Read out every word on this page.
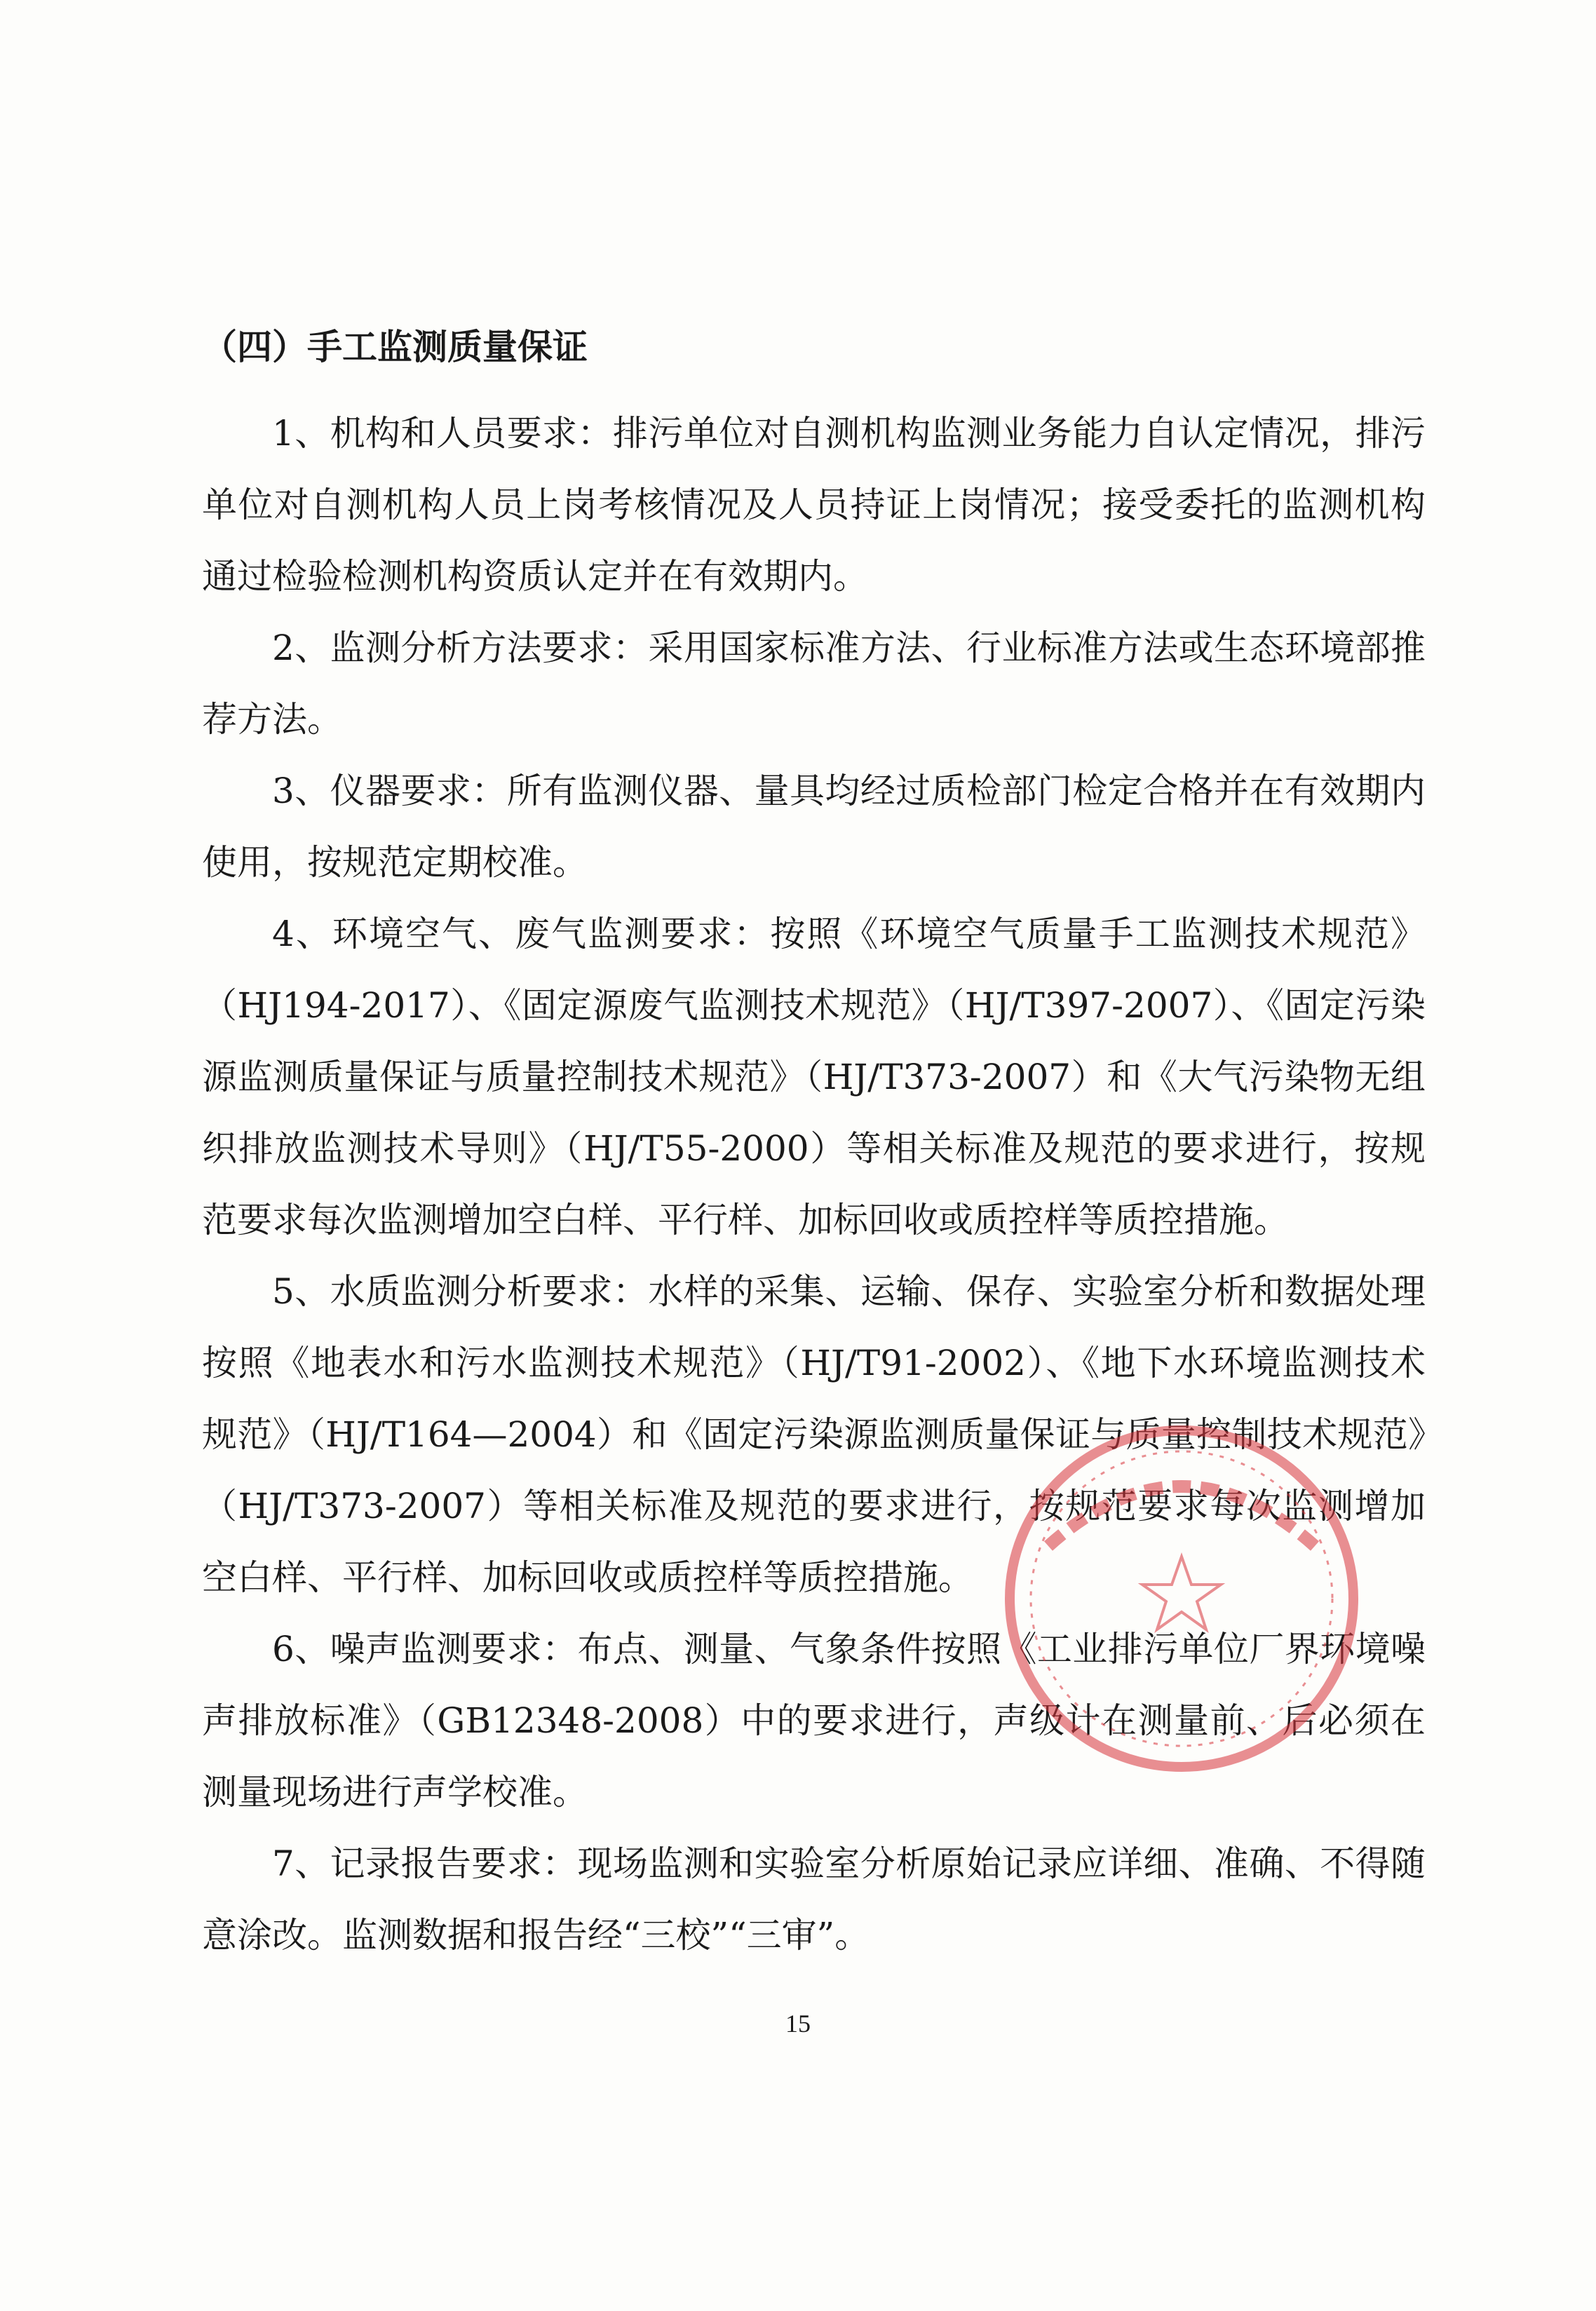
（四）手工监测质量保证

1、机构和人员要求：排污单位对自测机构监测业务能力自认定情况，排污单位对自测机构人员上岗考核情况及人员持证上岗情况；接受委托的监测机构通过检验检测机构资质认定并在有效期内。

2、监测分析方法要求：采用国家标准方法、行业标准方法或生态环境部推荐方法。

3、仪器要求：所有监测仪器、量具均经过质检部门检定合格并在有效期内使用，按规范定期校准。

4、环境空气、废气监测要求：按照《环境空气质量手工监测技术规范》（HJ194-2017）、《固定源废气监测技术规范》（HJ/T397-2007）、《固定污染源监测质量保证与质量控制技术规范》（HJ/T373-2007）和《大气污染物无组织排放监测技术导则》（HJ/T55-2000）等相关标准及规范的要求进行，按规范要求每次监测增加空白样、平行样、加标回收或质控样等质控措施。

5、水质监测分析要求：水样的采集、运输、保存、实验室分析和数据处理按照《地表水和污水监测技术规范》（HJ/T91-2002）、《地下水环境监测技术规范》（HJ/T164—2004）和《固定污染源监测质量保证与质量控制技术规范》（HJ/T373-2007）等相关标准及规范的要求进行，按规范要求每次监测增加空白样、平行样、加标回收或质控样等质控措施。

6、噪声监测要求：布点、测量、气象条件按照《工业排污单位厂界环境噪声排放标准》（GB12348-2008）中的要求进行，声级计在测量前、后必须在测量现场进行声学校准。

7、记录报告要求：现场监测和实验室分析原始记录应详细、准确、不得随意涂改。监测数据和报告经“三校”“三审”。

15
